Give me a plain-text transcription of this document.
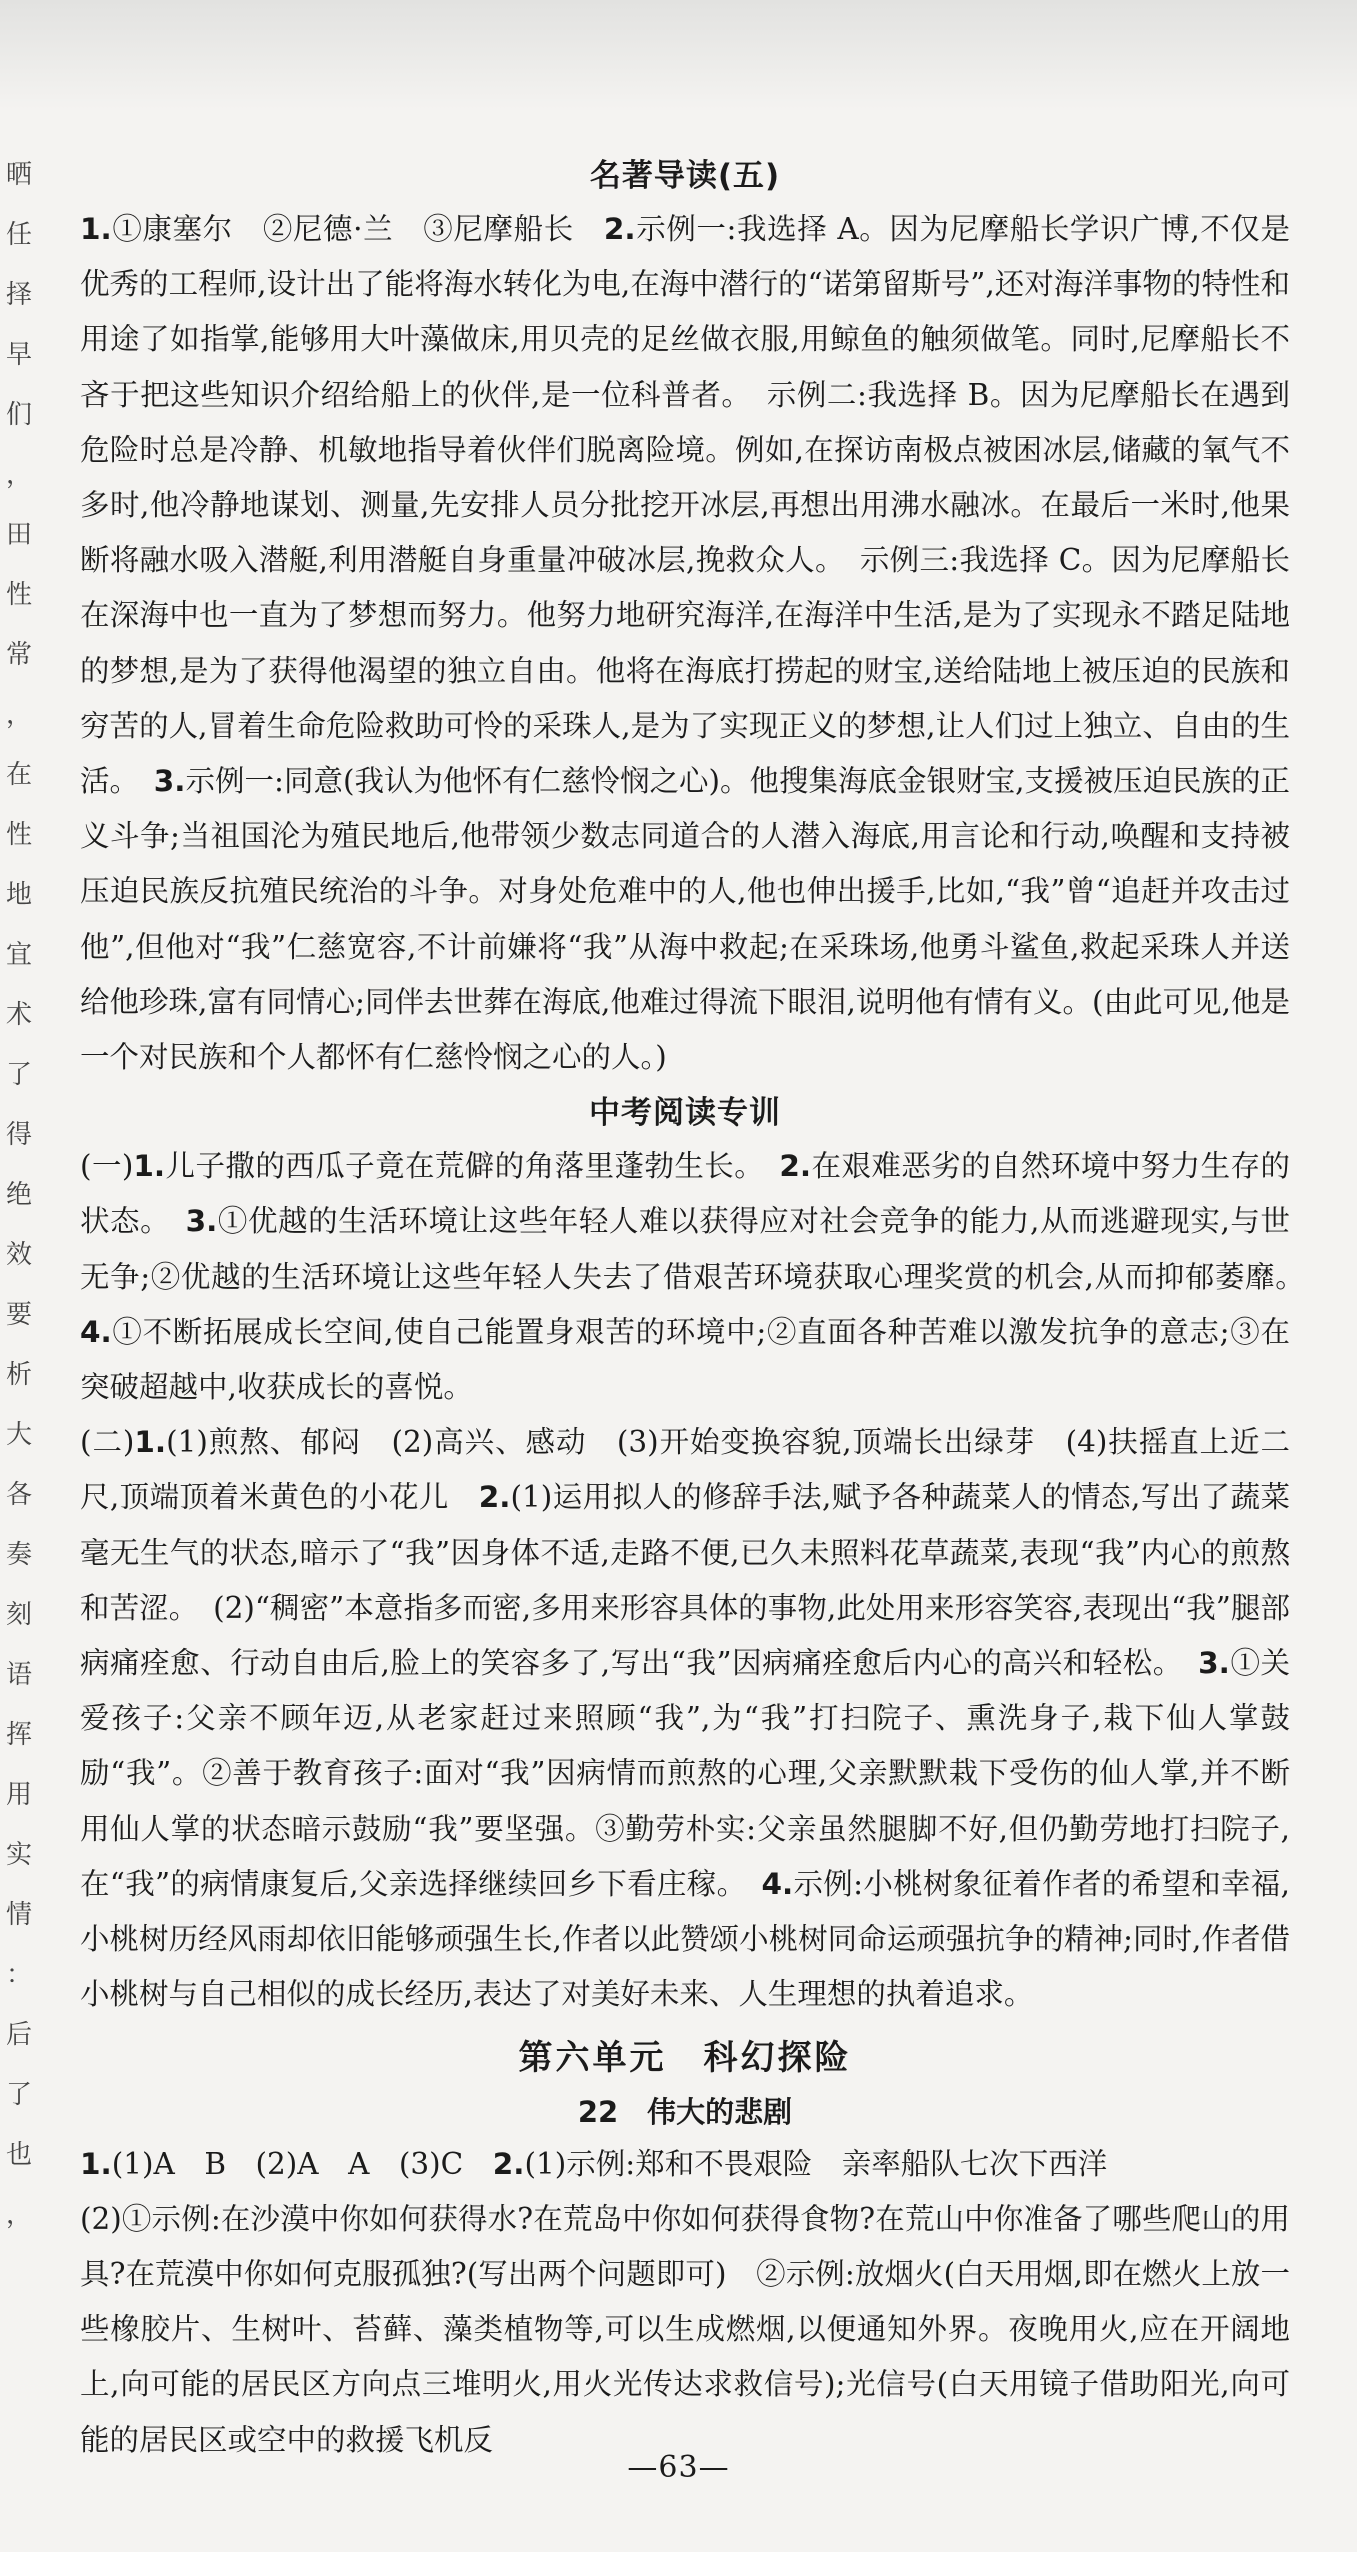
晒
任
择
早
们
，
田
性
常
，
在
性
地
宜
术
了
得
绝
效
要
析
大
各
奏
刻
语
挥
用
实
情
：
后
了
也
，
名著导读(五)

1.①康塞尔　②尼德·兰　③尼摩船长　2.示例一:我选择 A。因为尼摩船长学识广博,不仅是优秀的工程师,设计出了能将海水转化为电,在海中潜行的“诺第留斯号”,还对海洋事物的特性和用途了如指掌,能够用大叶藻做床,用贝壳的足丝做衣服,用鲸鱼的触须做笔。同时,尼摩船长不吝于把这些知识介绍给船上的伙伴,是一位科普者。　示例二:我选择 B。因为尼摩船长在遇到危险时总是冷静、机敏地指导着伙伴们脱离险境。例如,在探访南极点被困冰层,储藏的氧气不多时,他冷静地谋划、测量,先安排人员分批挖开冰层,再想出用沸水融冰。在最后一米时,他果断将融水吸入潜艇,利用潜艇自身重量冲破冰层,挽救众人。　示例三:我选择 C。因为尼摩船长在深海中也一直为了梦想而努力。他努力地研究海洋,在海洋中生活,是为了实现永不踏足陆地的梦想,是为了获得他渴望的独立自由。他将在海底打捞起的财宝,送给陆地上被压迫的民族和穷苦的人,冒着生命危险救助可怜的采珠人,是为了实现正义的梦想,让人们过上独立、自由的生活。　3.示例一:同意(我认为他怀有仁慈怜悯之心)。他搜集海底金银财宝,支援被压迫民族的正义斗争;当祖国沦为殖民地后,他带领少数志同道合的人潜入海底,用言论和行动,唤醒和支持被压迫民族反抗殖民统治的斗争。对身处危难中的人,他也伸出援手,比如,“我”曾“追赶并攻击过他”,但他对“我”仁慈宽容,不计前嫌将“我”从海中救起;在采珠场,他勇斗鲨鱼,救起采珠人并送给他珍珠,富有同情心;同伴去世葬在海底,他难过得流下眼泪,说明他有情有义。(由此可见,他是一个对民族和个人都怀有仁慈怜悯之心的人。)

中考阅读专训

(一)1.儿子撒的西瓜子竟在荒僻的角落里蓬勃生长。　2.在艰难恶劣的自然环境中努力生存的状态。　3.①优越的生活环境让这些年轻人难以获得应对社会竞争的能力,从而逃避现实,与世无争;②优越的生活环境让这些年轻人失去了借艰苦环境获取心理奖赏的机会,从而抑郁萎靡。　4.①不断拓展成长空间,使自己能置身艰苦的环境中;②直面各种苦难以激发抗争的意志;③在突破超越中,收获成长的喜悦。

(二)1.(1)煎熬、郁闷　(2)高兴、感动　(3)开始变换容貌,顶端长出绿芽　(4)扶摇直上近二尺,顶端顶着米黄色的小花儿　2.(1)运用拟人的修辞手法,赋予各种蔬菜人的情态,写出了蔬菜毫无生气的状态,暗示了“我”因身体不适,走路不便,已久未照料花草蔬菜,表现“我”内心的煎熬和苦涩。　(2)“稠密”本意指多而密,多用来形容具体的事物,此处用来形容笑容,表现出“我”腿部病痛痊愈、行动自由后,脸上的笑容多了,写出“我”因病痛痊愈后内心的高兴和轻松。　3.①关爱孩子:父亲不顾年迈,从老家赶过来照顾“我”,为“我”打扫院子、熏洗身子,栽下仙人掌鼓励“我”。②善于教育孩子:面对“我”因病情而煎熬的心理,父亲默默栽下受伤的仙人掌,并不断用仙人掌的状态暗示鼓励“我”要坚强。③勤劳朴实:父亲虽然腿脚不好,但仍勤劳地打扫院子,在“我”的病情康复后,父亲选择继续回乡下看庄稼。　4.示例:小桃树象征着作者的希望和幸福,小桃树历经风雨却依旧能够顽强生长,作者以此赞颂小桃树同命运顽强抗争的精神;同时,作者借小桃树与自己相似的成长经历,表达了对美好未来、人生理想的执着追求。

第六单元　科幻探险
22　伟大的悲剧

1.(1)A　B　(2)A　A　(3)C　2.(1)示例:郑和不畏艰险　亲率船队七次下西洋

(2)①示例:在沙漠中你如何获得水?在荒岛中你如何获得食物?在荒山中你准备了哪些爬山的用具?在荒漠中你如何克服孤独?(写出两个问题即可)　②示例:放烟火(白天用烟,即在燃火上放一些橡胶片、生树叶、苔藓、藻类植物等,可以生成燃烟,以便通知外界。夜晚用火,应在开阔地上,向可能的居民区方向点三堆明火,用火光传达求救信号);光信号(白天用镜子借助阳光,向可能的居民区或空中的救援飞机反

—63—
